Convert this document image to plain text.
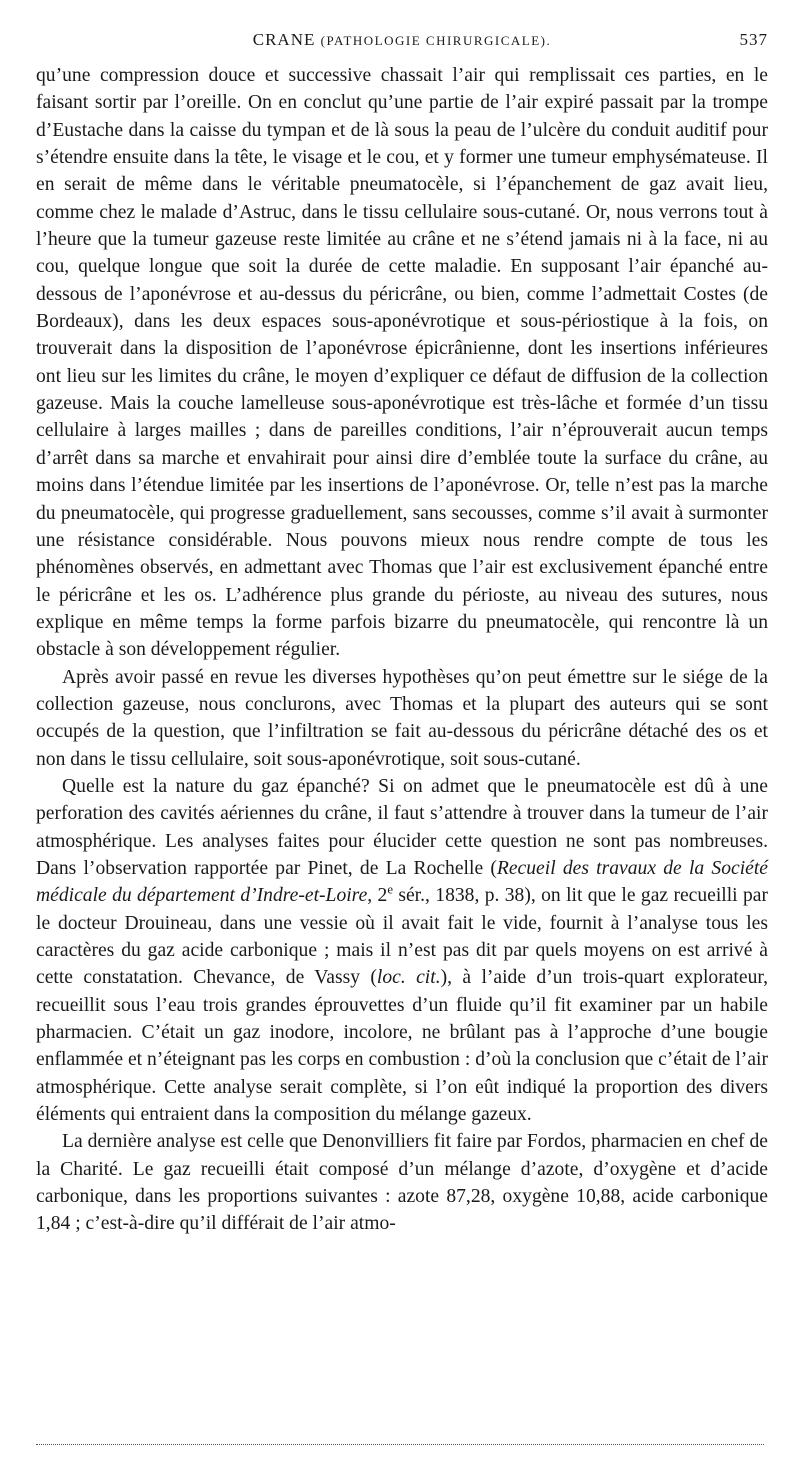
CRANE (PATHOLOGIE CHIRURGICALE).	537

qu’une compression douce et successive chassait l’air qui remplissait ces parties, en le faisant sortir par l’oreille. On en conclut qu’une partie de l’air expiré passait par la trompe d’Eustache dans la caisse du tympan et de là sous la peau de l’ulcère du conduit auditif pour s’étendre ensuite dans la tête, le visage et le cou, et y former une tumeur emphysémateuse. Il en serait de même dans le véritable pneumatocèle, si l’épanchement de gaz avait lieu, comme chez le malade d’Astruc, dans le tissu cellulaire sous-cutané. Or, nous verrons tout à l’heure que la tumeur gazeuse reste limitée au crâne et ne s’étend jamais ni à la face, ni au cou, quelque longue que soit la durée de cette maladie. En supposant l’air épanché au-dessous de l’aponévrose et au-dessus du péricrâne, ou bien, comme l’admettait Costes (de Bordeaux), dans les deux espaces sous-aponévrotique et sous-périostique à la fois, on trouverait dans la disposition de l’aponévrose épicrânienne, dont les insertions inférieures ont lieu sur les limites du crâne, le moyen d’expliquer ce défaut de diffusion de la collection gazeuse. Mais la couche lamelleuse sous-aponévrotique est très-lâche et formée d’un tissu cellulaire à larges mailles ; dans de pareilles conditions, l’air n’éprouverait aucun temps d’arrêt dans sa marche et envahirait pour ainsi dire d’emblée toute la surface du crâne, au moins dans l’étendue limitée par les insertions de l’aponévrose. Or, telle n’est pas la marche du pneumatocèle, qui progresse graduellement, sans secousses, comme s’il avait à surmonter une résistance considérable. Nous pouvons mieux nous rendre compte de tous les phénomènes observés, en admettant avec Thomas que l’air est exclusivement épanché entre le péricrâne et les os. L’adhérence plus grande du périoste, au niveau des sutures, nous explique en même temps la forme parfois bizarre du pneumatocèle, qui rencontre là un obstacle à son développement régulier.

Après avoir passé en revue les diverses hypothèses qu’on peut émettre sur le siége de la collection gazeuse, nous conclurons, avec Thomas et la plupart des auteurs qui se sont occupés de la question, que l’infiltration se fait au-dessous du péricrâne détaché des os et non dans le tissu cellulaire, soit sous-aponévrotique, soit sous-cutané.

Quelle est la nature du gaz épanché? Si on admet que le pneumatocèle est dû à une perforation des cavités aériennes du crâne, il faut s’attendre à trouver dans la tumeur de l’air atmosphérique. Les analyses faites pour élucider cette question ne sont pas nombreuses. Dans l’observation rapportée par Pinet, de La Rochelle (Recueil des travaux de la Société médicale du département d’Indre-et-Loire, 2e sér., 1838, p. 38), on lit que le gaz recueilli par le docteur Drouineau, dans une vessie où il avait fait le vide, fournit à l’analyse tous les caractères du gaz acide carbonique ; mais il n’est pas dit par quels moyens on est arrivé à cette constatation. Chevance, de Vassy (loc. cit.), à l’aide d’un trois-quart explorateur, recueillit sous l’eau trois grandes éprouvettes d’un fluide qu’il fit examiner par un habile pharmacien. C’était un gaz inodore, incolore, ne brûlant pas à l’approche d’une bougie enflammée et n’éteignant pas les corps en combustion : d’où la conclusion que c’était de l’air atmosphérique. Cette analyse serait complète, si l’on eût indiqué la proportion des divers éléments qui entraient dans la composition du mélange gazeux.

La dernière analyse est celle que Denonvilliers fit faire par Fordos, pharmacien en chef de la Charité. Le gaz recueilli était composé d’un mélange d’azote, d’oxygène et d’acide carbonique, dans les proportions suivantes : azote 87,28, oxygène 10,88, acide carbonique 1,84 ; c’est-à-dire qu’il différait de l’air atmo-
